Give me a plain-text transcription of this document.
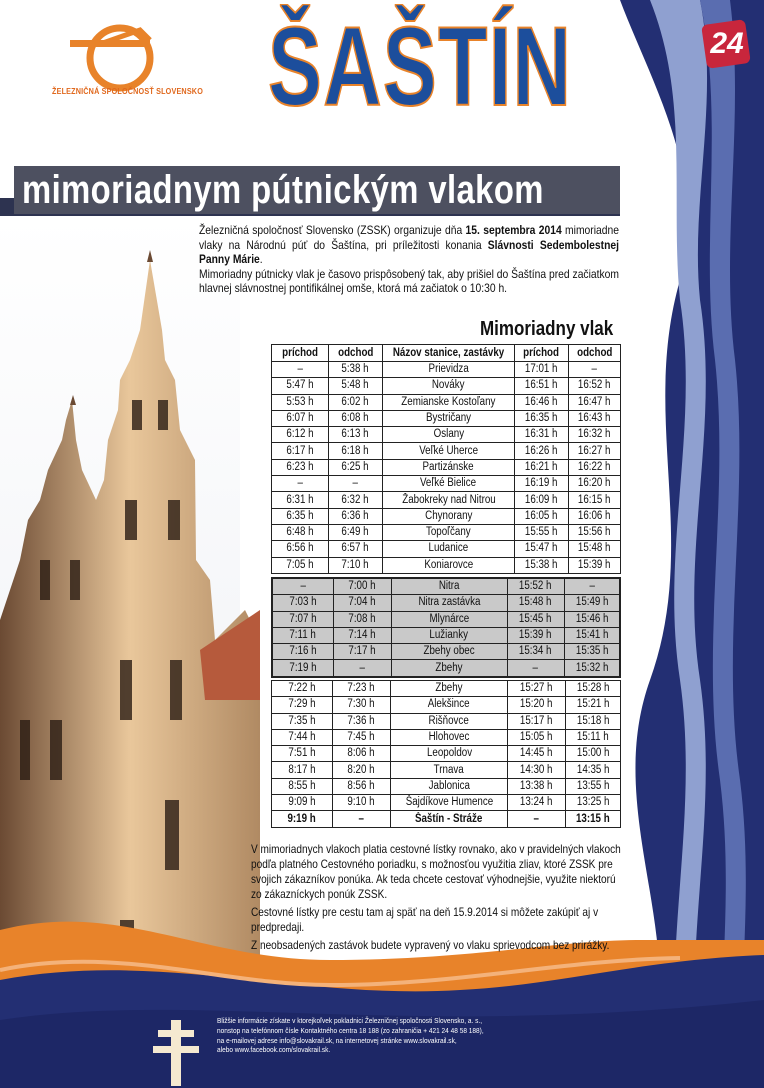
24
ŽELEZNIČNÁ SPOLOČNOSŤ SLOVENSKO ŠAŠTÍN
mimoriadnym pútnickým vlakom

Železničná spoločnosť Slovensko (ZSSK) organizuje dňa 15. septembra 2014 mimoriadne vlaky na Národnú púť do Šaštína, pri príležitosti konania Slávnosti Sedembolestnej Panny Márie.

Mimoriadny pútnicky vlak je časovo prispôsobený tak, aby prišiel do Šaštína pred začiatkom hlavnej slávnostnej pontifikálnej omše, ktorá má začiatok o 10:30 h.

Mimoriadny vlak
príchod	odchod	Názov stanice, zastávky	príchod	odchod
–	5:38 h	Prievidza	17:01 h	–
5:47 h	5:48 h	Nováky	16:51 h	16:52 h
5:53 h	6:02 h	Zemianske Kostoľany	16:46 h	16:47 h
6:07 h	6:08 h	Bystričany	16:35 h	16:43 h
6:12 h	6:13 h	Oslany	16:31 h	16:32 h
6:17 h	6:18 h	Veľké Uherce	16:26 h	16:27 h
6:23 h	6:25 h	Partizánske	16:21 h	16:22 h
–	–	Veľké Bielice	16:19 h	16:20 h
6:31 h	6:32 h	Žabokreky nad Nitrou	16:09 h	16:15 h
6:35 h	6:36 h	Chynorany	16:05 h	16:06 h
6:48 h	6:49 h	Topoľčany	15:55 h	15:56 h
6:56 h	6:57 h	Ludanice	15:47 h	15:48 h
7:05 h	7:10 h	Koniarovce	15:38 h	15:39 h
–	7:00 h	Nitra	15:52 h	–
7:03 h	7:04 h	Nitra zastávka	15:48 h	15:49 h
7:07 h	7:08 h	Mlynárce	15:45 h	15:46 h
7:11 h	7:14 h	Lužianky	15:39 h	15:41 h
7:16 h	7:17 h	Zbehy obec	15:34 h	15:35 h
7:19 h	–	Zbehy	–	15:32 h
7:22 h	7:23 h	Zbehy	15:27 h	15:28 h
7:29 h	7:30 h	Alekšince	15:20 h	15:21 h
7:35 h	7:36 h	Rišňovce	15:17 h	15:18 h
7:44 h	7:45 h	Hlohovec	15:05 h	15:11 h
7:51 h	8:06 h	Leopoldov	14:45 h	15:00 h
8:17 h	8:20 h	Trnava	14:30 h	14:35 h
8:55 h	8:56 h	Jablonica	13:38 h	13:55 h
9:09 h	9:10 h	Šajdíkove Humence	13:24 h	13:25 h
9:19 h	–	Šaštín - Stráže	–	13:15 h

V mimoriadnych vlakoch platia cestovné lístky rovnako, ako v pravidelných vlakoch podľa platného Cestovného poriadku, s možnosťou využitia zliav, ktoré ZSSK pre svojich zákazníkov ponúka. Ak teda chcete cestovať výhodnejšie, využite niektorú zo zákazníckych ponúk ZSSK.

Cestovné lístky pre cestu tam aj späť na deň 15.9.2014 si môžete zakúpiť aj v predpredaji.

Z neobsadených zastávok budete vypravený vo vlaku sprievodcom bez prirážky.

Bližšie informácie získate v ktorejkoľvek pokladnici Železničnej spoločnosti Slovensko, a. s.,
nonstop na telefónnom čísle Kontaktného centra 18 188 (zo zahraničia + 421 24 48 58 188),
na e-mailovej adrese info@slovakrail.sk, na internetovej stránke www.slovakrail.sk,
alebo www.facebook.com/slovakrail.sk.
